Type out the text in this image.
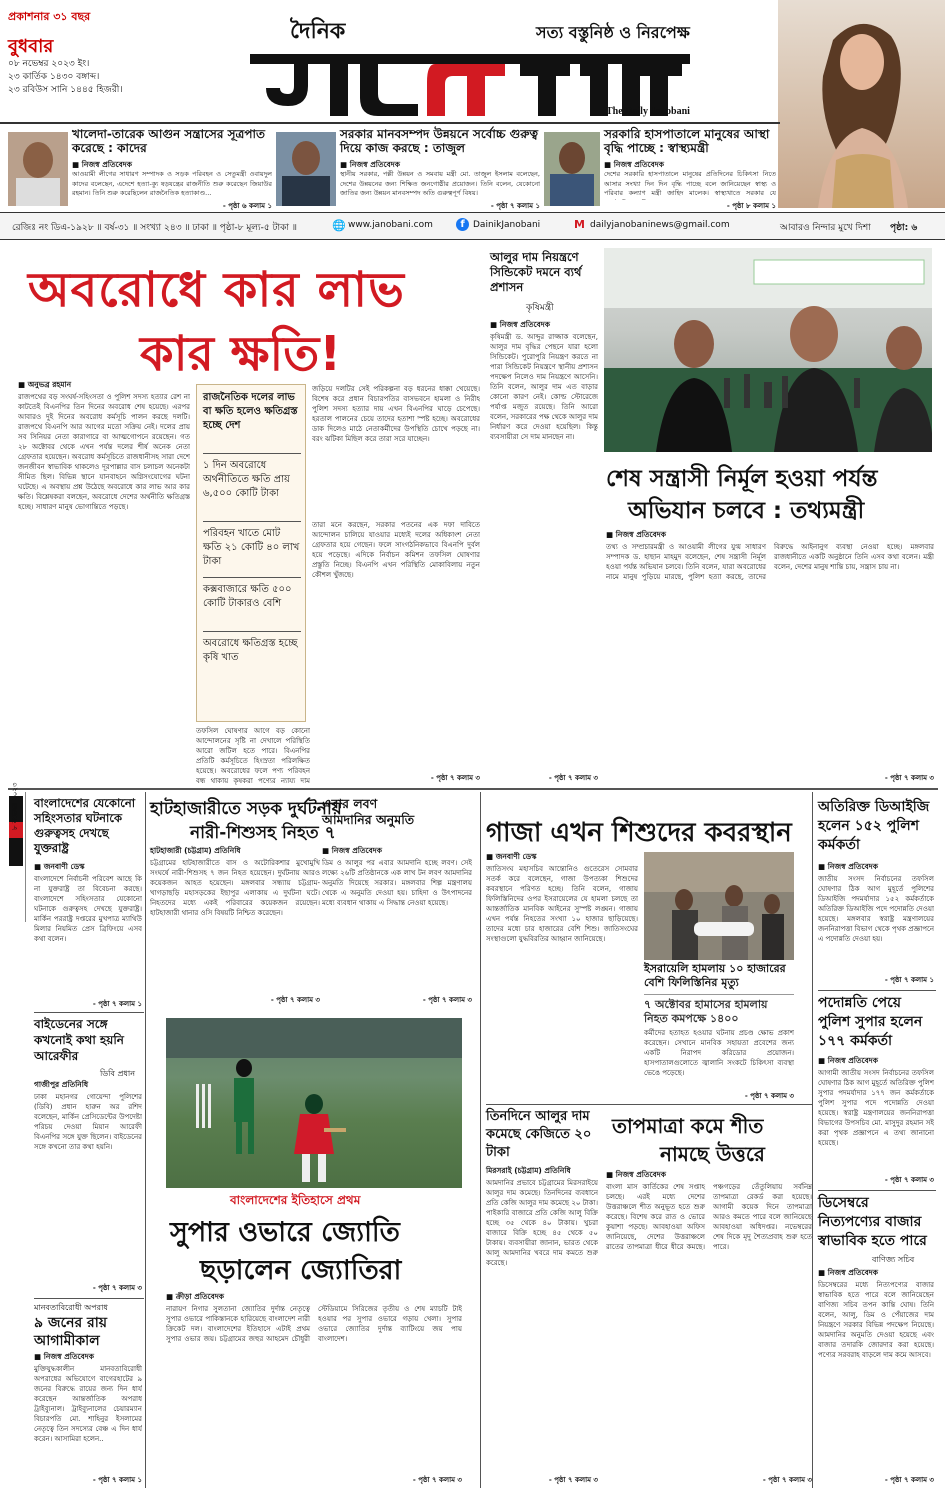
প্রকাশনার ৩১ বছর
বুধবার
০৮ নভেম্বর ২০২৩ ইং।
২৩ কার্তিক ১৪৩০ বঙ্গাব্দ।
২৩ রবিউস সানি ১৪৪৫ হিজরী।
দৈনিক	সত্য বস্তুনিষ্ঠ ও নিরপেক্ষ
The Daily Janobani
খালেদা-তারেক আগুন সন্ত্রাসের সূত্রপাত করেছে : কাদের
■ নিজস্ব প্রতিবেদক
আওয়ামী লীগের সাধারণ সম্পাদক ও সড়ক পরিবহন ও সেতুমন্ত্রী ওবায়দুল কাদের বলেছেন, এদেশে হত্যা-ক্যু ষড়যন্ত্রের রাজনীতি শুরু করেছেন জিয়াউর রহমান। তিনি শুরু করেছিলেন রাজনৈতিক হত্যাকাণ্ড...
- পৃষ্ঠা ৬ কলাম ১
সরকার মানবসম্পদ উন্নয়নে সর্বোচ্চ গুরুত্ব দিয়ে কাজ করছে : তাজুল
■ নিজস্ব প্রতিবেদক
স্থানীয় সরকার, পল্লী উন্নয়ন ও সমবায় মন্ত্রী মো. তাজুল ইসলাম বলেছেন, দেশের উন্নয়নের জন্য শিক্ষিত জনগোষ্ঠীর প্রয়োজন। তিনি বলেন, যেকোনো জাতির জন্য উন্নয়ন মানবসম্পদ অতি গুরুত্বপূর্ণ বিষয়।
- পৃষ্ঠা ৭ কলাম ১
সরকারি হাসপাতালে মানুষের আস্থা বৃদ্ধি পাচ্ছে : স্বাস্থ্যমন্ত্রী
■ নিজস্ব প্রতিবেদক
দেশের সরকারি হাসপাতালে মানুষের প্রতিদিনের চিকিৎসা নিতে আসার সংখ্যা দিন দিন বৃদ্ধি পাচ্ছে বলে জানিয়েছেন স্বাস্থ্য ও পরিবার কল্যাণ মন্ত্রী জাহিদ মালেক। স্বাস্থ্যখাতে সরকার যে
- পৃষ্ঠা ৮ কলাম ১
রেজিঃ নং ডিএ-১৯২৮ ॥ বর্ষ-৩১ ॥ সংখ্যা ২৪৩ ॥ ঢাকা ॥ পৃষ্ঠা-৮ মূল্য-৫ টাকা ॥	🌐 www.janobani.com	f DainikJanobani	M dailyjanobaninews@gmail.com	আবারও নিন্দার মুখে দিশা পৃষ্ঠা: ৬
অবরোধে কার লাভ
কার ক্ষতি!
■ অনুভব্র রহমান
রাজপথের বড় সংঘর্ষ-সহিংসতা ও পুলিশ সদস্য হত্যার রেশ না কাটতেই বিএনপির তিন দিনের অবরোধ শেষ হয়েছে। এরপর আবারও দুই দিনের অবরোধ কর্মসূচি পালন করছে দলটি। রাজপথে বিএনপি আর আগের মতো সক্রিয় নেই। দলের প্রায় সব সিনিয়র নেতা কারাগারে বা আত্মগোপনে রয়েছেন। গত ২৮ অক্টোবর থেকে এখন পর্যন্ত দলের শীর্ষ অনেক নেতা গ্রেফতার হয়েছেন। অবরোধ কর্মসূচিতে রাজধানীসহ সারা দেশে জনজীবন স্বাভাবিক থাকলেও দূরপাল্লার বাস চলাচল অনেকটা সীমিত ছিল। বিভিন্ন স্থানে যানবাহনে অগ্নিসংযোগের ঘটনা ঘটেছে। এ অবস্থায় প্রশ্ন উঠেছে অবরোধে কার লাভ আর কার ক্ষতি। বিশ্লেষকরা বলছেন, অবরোধে দেশের অর্থনীতি ক্ষতিগ্রস্ত হচ্ছে। সাধারণ মানুষ ভোগান্তিতে পড়ছে।
রাজনৈতিক দলের লাভ বা ক্ষতি হলেও ক্ষতিগ্রস্ত হচ্ছে দেশ
১ দিন অবরোধে অর্থনীতিতে ক্ষতি প্রায় ৬,৫০০ কোটি টাকা
পরিবহন খাতে মোট ক্ষতি ২১ কোটি ৪০ লাখ টাকা
কক্সবাজারে ক্ষতি ৫০০ কোটি টাকারও বেশি
অবরোধে ক্ষতিগ্রস্ত হচ্ছে কৃষি খাত
জড়িয়ে দলটির সেই পরিকল্পনা বড় ধরনের ধাক্কা খেয়েছে। বিশেষ করে প্রধান বিচারপতির বাসভবনে হামলা ও নিরীহ পুলিশ সদস্য হত্যার দায় এখন বিএনপির ঘাড়ে চেপেছে। হরতাল পালনের চেয়ে তাদের হতাশা স্পষ্ট হচ্ছে। অবরোধের ডাক দিলেও মাঠে নেতাকর্মীদের উপস্থিতি চোখে পড়ছে না। বরং ঝটিকা মিছিল করে তারা সরে যাচ্ছেন।
তফসিল ঘোষণার আগে বড় কোনো আন্দোলনের সৃষ্টি না দেখালে পরিস্থিতি আরো জটিল হতে পারে। বিএনপির প্রতিটি কর্মসূচিতে হিংস্রতা পরিলক্ষিত হয়েছে। অবরোধের ফলে পণ্য পরিবহন বন্ধ থাকায় কৃষকরা পণ্যের ন্যায্য দাম
তারা মনে করছেন, সরকার পতনের এক দফা দাবিতে আন্দোলন চালিয়ে যাওয়ার মধ্যেই দলের অধিকাংশ নেতা গ্রেফতার হয়ে গেছেন। ফলে সাংগঠনিকভাবে বিএনপি দুর্বল হয়ে পড়েছে। এদিকে নির্বাচন কমিশন তফসিল ঘোষণার প্রস্তুতি নিচ্ছে। বিএনপি এখন পরিস্থিতি মোকাবিলায় নতুন কৌশল খুঁজছে।
- পৃষ্ঠা ৭ কলাম ৩
আলুর দাম নিয়ন্ত্রণে সিন্ডিকেট দমনে ব্যর্থ প্রশাসন
কৃষিমন্ত্রী
■ নিজস্ব প্রতিবেদক
কৃষিমন্ত্রী ড. আব্দুর রাজ্জাক বলেছেন, আলুর দাম বৃদ্ধির পেছনে যারা হলো সিন্ডিকেট। পুরোপুরি নিয়ন্ত্রণ করতে না পারা সিন্ডিকেট নিয়ন্ত্রণে স্থানীয় প্রশাসন পদক্ষেপ নিলেও দাম নিয়ন্ত্রণে আসেনি। তিনি বলেন, আলুর দাম এত বাড়ার কোনো কারণ নেই। কোল্ড স্টোরেজে পর্যাপ্ত মজুত রয়েছে। তিনি আরো বলেন, সরকারের পক্ষ থেকে আলুর দাম নির্ধারণ করে দেওয়া হয়েছিল। কিন্তু ব্যবসায়ীরা সে দাম মানছেন না।
- পৃষ্ঠা ৭ কলাম ৩
শেষ সন্ত্রাসী নির্মূল হওয়া পর্যন্ত
অভিযান চলবে : তথ্যমন্ত্রী
■ নিজস্ব প্রতিবেদক
তথ্য ও সম্প্রচারমন্ত্রী ও আওয়ামী লীগের যুগ্ম সাধারণ সম্পাদক ড. হাছান মাহমুদ বলেছেন, শেষ সন্ত্রাসী নির্মূল হওয়া পর্যন্ত অভিযান চলবে। তিনি বলেন, যারা অবরোধের নামে মানুষ পুড়িয়ে মারছে, পুলিশ হত্যা করছে, তাদের বিরুদ্ধে আইনানুগ ব্যবস্থা নেওয়া হচ্ছে। মঙ্গলবার রাজধানীতে একটি অনুষ্ঠানে তিনি এসব কথা বলেন। মন্ত্রী বলেন, দেশের মানুষ শান্তি চায়, সন্ত্রাস চায় না।
- পৃষ্ঠা ৭ কলাম ৩
৮ নভেম্বর ২০২৩ বাংলাদেশের যেকোনো সহিংসতার ঘটনাকে গুরুত্বসহ দেখছে যুক্তরাষ্ট্র
■ জনবাণী ডেস্ক
বাংলাদেশে নির্বাচনী পরিবেশ আছে কি না যুক্তরাষ্ট্র তা বিবেচনা করছে। বাংলাদেশে সহিংসতার যেকোনো ঘটনাকে গুরুত্বসহ দেখছে যুক্তরাষ্ট্র। মার্কিন পররাষ্ট্র দপ্তরের মুখপাত্র ম্যাথিউ মিলার নিয়মিত প্রেস ব্রিফিংয়ে এসব কথা বলেন।
- পৃষ্ঠা ৭ কলাম ১
বাইডেনের সঙ্গে কখনোই কথা হয়নি আরেফীর
ডিবি প্রধান
গাজীপুর প্রতিনিধি
ঢাকা মহানগর গোয়েন্দা পুলিশের (ডিবি) প্রধান হারুন অর রশিদ বলেছেন, মার্কিন প্রেসিডেন্টের উপদেষ্টা পরিচয় দেওয়া মিয়ান আরেফী বিএনপির সঙ্গে যুক্ত ছিলেন। বাইডেনের সঙ্গে কখনো তার কথা হয়নি।
- পৃষ্ঠা ৭ কলাম ৩
মানবতাবিরোধী অপরাধ
৯ জনের রায় আগামীকাল
■ নিজস্ব প্রতিবেদক
মুক্তিযুদ্ধকালীন মানবতাবিরোধী অপরাধের অভিযোগে বাগেরহাটের ৯ জনের বিরুদ্ধে রায়ের জন্য দিন ধার্য করেছেন আন্তর্জাতিক অপরাধ ট্রাইব্যুনাল। ট্রাইব্যুনালের চেয়ারম্যান বিচারপতি মো. শাহিনুর ইসলামের নেতৃত্বে তিন সদস্যের বেঞ্চ এ দিন ধার্য করেন। আসামিরা হলেন..
- পৃষ্ঠা ৭ কলাম ১
হাটহাজারীতে সড়ক দুর্ঘটনায়
নারী-শিশুসহ নিহত ৭
হাটহাজারী (চট্টগ্রাম) প্রতিনিধি
চট্টগ্রামের হাটহাজারীতে বাস ও অটোরিকশার মুখোমুখি সংঘর্ষে নারী-শিশুসহ ৭ জন নিহত হয়েছেন। দুর্ঘটনায় আরও কয়েকজন আহত হয়েছেন। মঙ্গলবার সন্ধ্যায় চট্টগ্রাম-খাগড়াছড়ি মহাসড়কের ইছাপুর এলাকায় এ দুর্ঘটনা ঘটে। নিহতদের মধ্যে একই পরিবারের কয়েকজন রয়েছেন। হাটহাজারী থানার ওসি বিষয়টি নিশ্চিত করেছেন।
- পৃষ্ঠা ৭ কলাম ৩
এবার লবণ আমদানির অনুমতি
■ নিজস্ব প্রতিবেদক
ডিম ও আলুর পর এবার আমদানি হচ্ছে লবণ। সেই লক্ষ্যে ২৬টি প্রতিষ্ঠানকে এক লাখ টন লবণ আমদানির অনুমতি দিয়েছে সরকার। মঙ্গলবার শিল্প মন্ত্রণালয় থেকে এ অনুমতি দেওয়া হয়। চাহিদা ও উৎপাদনের মধ্যে ব্যবধান থাকায় এ সিদ্ধান্ত নেওয়া হয়েছে।
- পৃষ্ঠা ৭ কলাম ৩
বাংলাদেশের ইতিহাসে প্রথম
সুপার ওভারে জ্যোতি
ছড়ালেন জ্যোতিরা
■ ক্রীড়া প্রতিবেদক
নারায়ণ নিগার সুলতানা জ্যোতির দুর্দান্ত নেতৃত্বে সুপার ওভারে পাকিস্তানকে হারিয়েছে বাংলাদেশ নারী ক্রিকেট দল। বাংলাদেশের ইতিহাসে এটাই প্রথম সুপার ওভার জয়। চট্টগ্রামের জহুর আহমেদ চৌধুরী স্টেডিয়ামে সিরিজের তৃতীয় ও শেষ ম্যাচটি টাই হওয়ার পর সুপার ওভারে গড়ায় খেলা। সুপার ওভারে জ্যোতির দুর্দান্ত ব্যাটিংয়ে জয় পায় বাংলাদেশ।
- পৃষ্ঠা ৭ কলাম ৩
গাজা এখন শিশুদের কবরস্থান
■ জনবাণী ডেস্ক
জাতিসংঘ মহাসচিব আন্তোনিও গুতেরেস সোমবার সতর্ক করে বলেছেন, গাজা উপত্যকা শিশুদের কবরস্থানে পরিণত হচ্ছে। তিনি বলেন, গাজায় ফিলিস্তিনিদের ওপর ইসরায়েলের যে হামলা চলছে তা আন্তর্জাতিক মানবিক আইনের সুস্পষ্ট লঙ্ঘন। গাজায় এখন পর্যন্ত নিহতের সংখ্যা ১০ হাজার ছাড়িয়েছে। তাদের মধ্যে চার হাজারের বেশি শিশু। জাতিসংঘের সংস্থাগুলো যুদ্ধবিরতির আহ্বান জানিয়েছে।
ইসরায়েলি হামলায় ১০ হাজারের বেশি ফিলিস্তিনির মৃত্যু
৭ অক্টোবর হামাসের হামলায় নিহত কমপক্ষে ১৪০০
কর্মীদের হতাহত হওয়ার ঘটনায় প্রচণ্ড ক্ষোভ প্রকাশ করেছেন। সেখানে মানবিক সহায়তা প্রবেশের জন্য একটি নিরাপদ করিডোর প্রয়োজন। হাসপাতালগুলোতে জ্বালানি সংকটে চিকিৎসা ব্যবস্থা ভেঙে পড়েছে।
- পৃষ্ঠা ৭ কলাম ৩
অতিরিক্ত ডিআইজি হলেন ১৫২ পুলিশ কর্মকর্তা
■ নিজস্ব প্রতিবেদক
জাতীয় সংসদ নির্বাচনের তফসিল ঘোষণার ঠিক আগ মুহূর্তে পুলিশের ডিআইজি পদমর্যাদার ১৫২ কর্মকর্তাকে অতিরিক্ত ডিআইজি পদে পদোন্নতি দেওয়া হয়েছে। মঙ্গলবার স্বরাষ্ট্র মন্ত্রণালয়ের জননিরাপত্তা বিভাগ থেকে পৃথক প্রজ্ঞাপনে এ পদোন্নতি দেওয়া হয়।
- পৃষ্ঠা ৭ কলাম ১
পদোন্নতি পেয়ে পুলিশ সুপার হলেন ১৭৭ কর্মকর্তা
■ নিজস্ব প্রতিবেদক
আগামী জাতীয় সংসদ নির্বাচনের তফসিল ঘোষণার ঠিক আগ মুহূর্তে অতিরিক্ত পুলিশ সুপার পদমর্যাদার ১৭৭ জন কর্মকর্তাকে পুলিশ সুপার পদে পদোন্নতি দেওয়া হয়েছে। স্বরাষ্ট্র মন্ত্রণালয়ের জননিরাপত্তা বিভাগের উপসচিব মো. মাসুদুর রহমান সই করা পৃথক প্রজ্ঞাপনে এ তথ্য জানানো হয়েছে।
- পৃষ্ঠা ৭ কলাম ৩
ডিসেম্বরে নিত্যপণ্যের বাজার স্বাভাবিক হতে পারে
বাণিজ্য সচিব
■ নিজস্ব প্রতিবেদক
ডিসেম্বরের মধ্যে নিত্যপণ্যের বাজার স্বাভাবিক হতে পারে বলে জানিয়েছেন বাণিজ্য সচিব তপন কান্তি ঘোষ। তিনি বলেন, আলু, ডিম ও পেঁয়াজের দাম নিয়ন্ত্রণে সরকার বিভিন্ন পদক্ষেপ নিয়েছে। আমদানির অনুমতি দেওয়া হয়েছে এবং বাজার তদারকি জোরদার করা হয়েছে। পণ্যের সরবরাহ বাড়লে দাম কমে আসবে।
- পৃষ্ঠা ৭ কলাম ৩
তিনদিনে আলুর দাম কমেছে কেজিতে ২০ টাকা
মিরসরাই (চট্টগ্রাম) প্রতিনিধি
আমদানির প্রভাবে চট্টগ্রামের মিরসরাইয়ে আলুর দাম কমেছে। তিনদিনের ব্যবধানে প্রতি কেজি আলুর দাম কমেছে ২০ টাকা। পাইকারি বাজারে প্রতি কেজি আলু বিক্রি হচ্ছে ৩৫ থেকে ৪০ টাকায়। খুচরা বাজারে বিক্রি হচ্ছে ৪৫ থেকে ৫০ টাকায়। ব্যবসায়ীরা জানান, ভারত থেকে আলু আমদানির খবরে দাম কমতে শুরু করেছে।
- পৃষ্ঠা ৭ কলাম ৩
তাপমাত্রা কমে শীত
নামছে উত্তরে
■ নিজস্ব প্রতিবেদক
বাংলা মাস কার্তিকের শেষ সপ্তাহ চলছে। এরই মধ্যে দেশের উত্তরাঞ্চলে শীত অনুভূত হতে শুরু করেছে। বিশেষ করে রাত ও ভোরে কুয়াশা পড়ছে। আবহাওয়া অফিস জানিয়েছে, দেশের উত্তরাঞ্চলে রাতের তাপমাত্রা ধীরে ধীরে কমছে। পঞ্চগড়ের তেঁতুলিয়ায় সর্বনিম্ন তাপমাত্রা রেকর্ড করা হয়েছে। আগামী কয়েক দিনে তাপমাত্রা আরও কমতে পারে বলে জানিয়েছে আবহাওয়া অধিদপ্তর। নভেম্বরের শেষ দিকে মৃদু শৈত্যপ্রবাহ শুরু হতে পারে।
- পৃষ্ঠা ৭ কলাম ৩
